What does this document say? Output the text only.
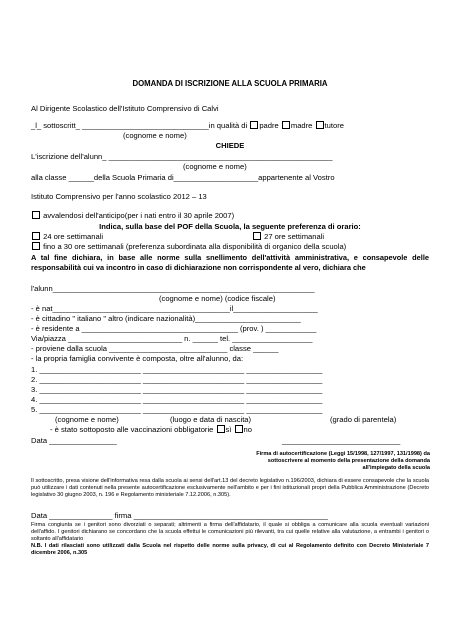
DOMANDA DI ISCRIZIONE ALLA SCUOLA PRIMARIA
Al Dirigente Scolastico dell'Istituto Comprensivo di Calvi
_l_ sottoscritt_ ______________________________in qualità di padre madre tutore
(cognome e nome)
CHIEDE
L'iscrizione dell'alunn_ _____________________________________________________
(cognome e nome)
alla classe ______della Scuola Primaria di____________________appartenente al Vostro
Istituto Comprensivo per l'anno scolastico 2012 – 13
avvalendosi dell'anticipo(per i nati entro il 30 aprile 2007)
Indica, sulla base del POF della Scuola, la seguente preferenza di orario:
24 ore settimanali	27 ore settimanali
fino a 30 ore settimanali (preferenza subordinata alla disponibilità di organico della scuola)
A tal fine dichiara, in base alle norme sulla snellimento dell'attività amministrativa, e consapevole delle responsabilità cui va incontro in caso di dichiarazione non corrispondente al vero, dichiara che
l'alunn______________________________________________________________
(cognome e nome) (codice fiscale)
- è nat__________________________________________il____________________
- è cittadino " italiano " altro (indicare nazionalità)_________________________
- è residente a _____________________________________ (prov. ) ____________
Via/piazza ___________________________ n. ______ tel. ___________________
- proviene dalla scuola ____________________________ classe ______
- la propria famiglia convivente è composta, oltre all'alunno, da:
1. ________________________ ________________________ __________________
2. ________________________ ________________________ __________________
3. ________________________ ________________________ __________________
4. ________________________ ________________________ __________________
5. ________________________ ________________________ __________________
(cognome e nome)	(luogo e data di nascita)	(grado di parentela)
- è stato sottoposto alle vaccinazioni obbligatorie sì no
Data ________________	____________________________
Firma di autocertificazione (Leggi 15/1998, 127/1997, 131/1998) da
sottoscrivere al momento della presentazione della domanda
all'impiegato della scuola
Il sottoscritto, presa visione dell'informativa resa dalla scuola ai sensi dell'art.13 del decreto legislativo n.196/2003, dichiara di essere consapevole che la scuola può utilizzare i dati contenuti nella presente autocertificazione esclusivamente nell'ambito e per i fini istituzionali propri della Pubblica Amministrazione (Decreto legislativo 30 giugno 2003, n. 196 e Regolamento ministeriale 7.12.2006, n.305).
Data _______________ firma ______________________________________________
Firma congiunta se i genitori sono divorziati o separati; altrimenti a firma dell'affidatario, il quale si obbliga a comunicare alla scuola eventuali variazioni dell'affido. I genitori dichiarano se concordano che la scuola effettui le comunicazioni più rilevanti, tra cui quelle relative alla valutazione, a entrambi i genitori o soltanto all'affidatario
N.B. I dati rilasciati sono utilizzati dalla Scuola nel rispetto delle norme sulla privacy, di cui al Regolamento definito con Decreto Ministeriale 7 dicembre 2006, n.305
